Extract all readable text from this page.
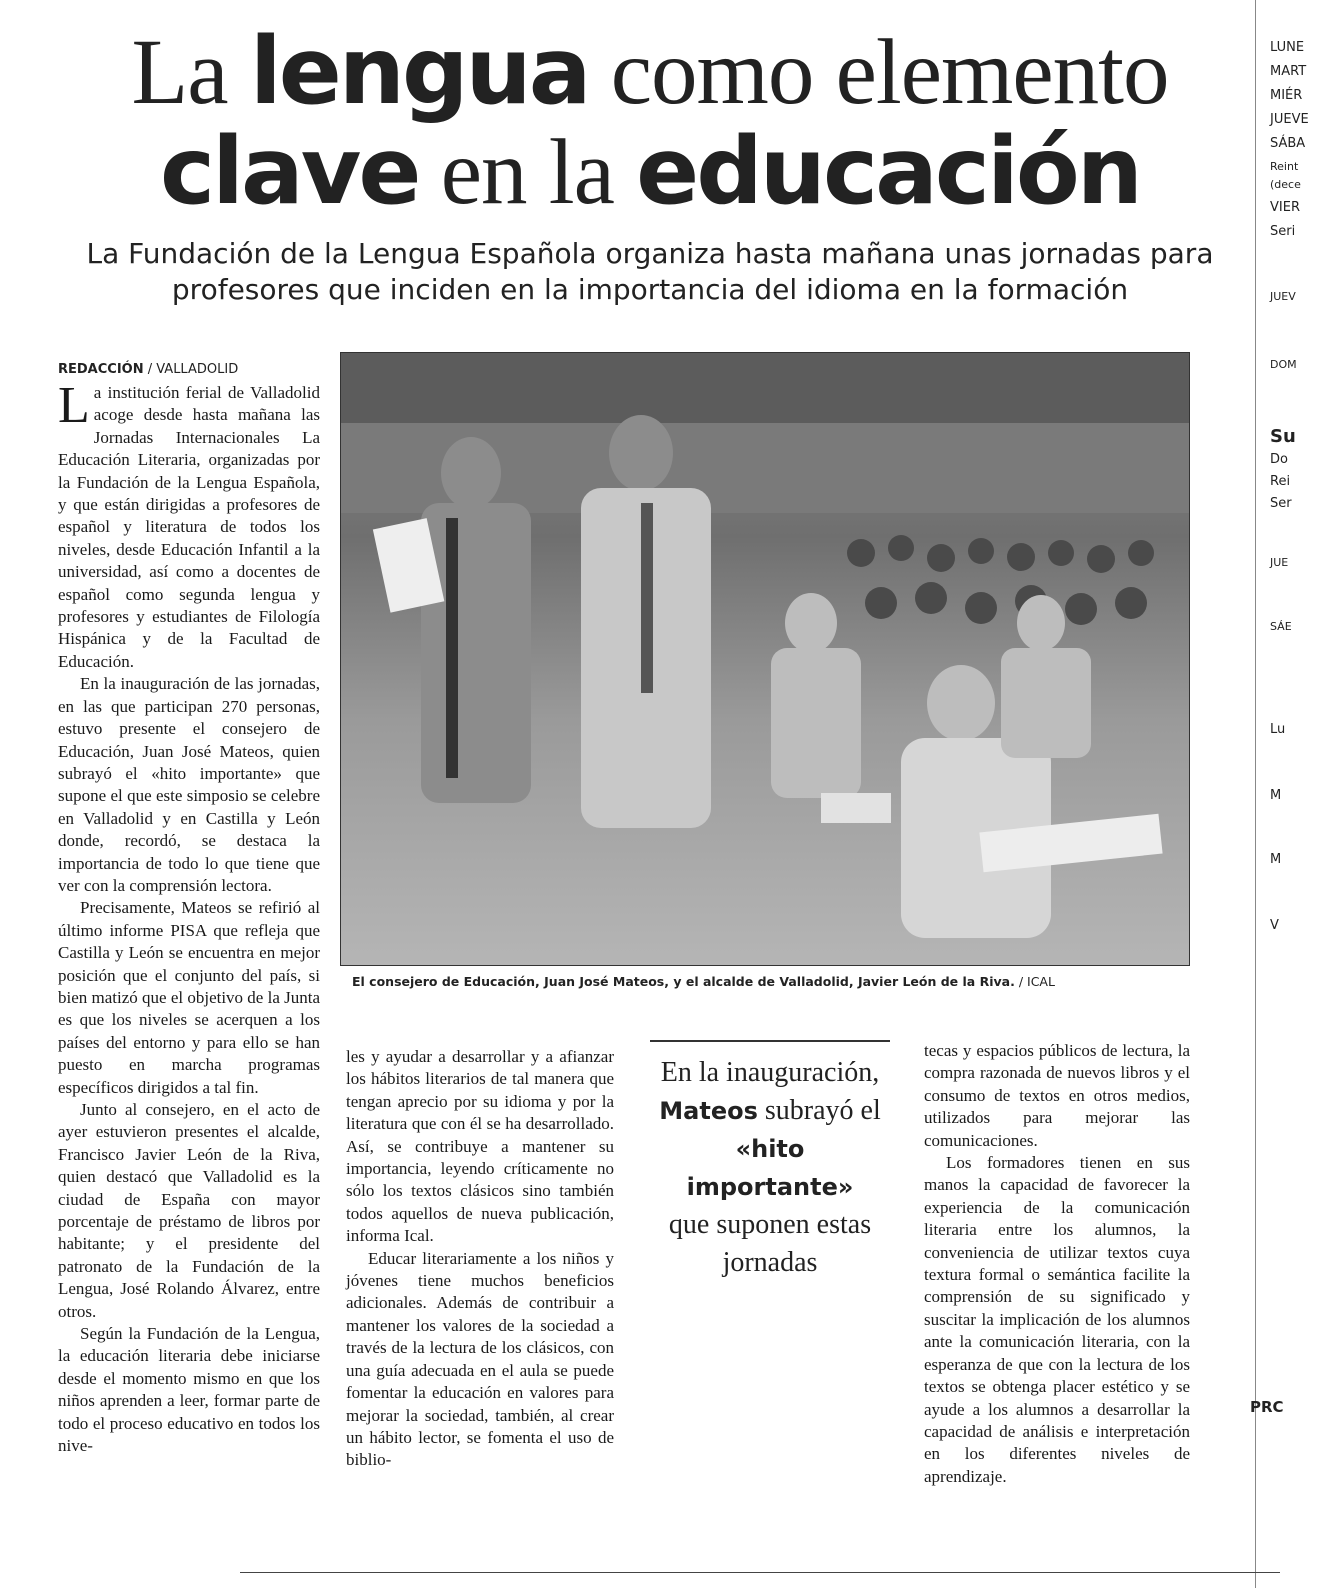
La lengua como elemento
clave en la educación

La Fundación de la Lengua Española organiza hasta mañana unas jornadas para profesores que inciden en la importancia del idioma en la formación

REDACCIÓN / VALLADOLID

La institución ferial de Valladolid acoge desde hasta mañana las Jornadas Internacionales La Educación Literaria, organizadas por la Fundación de la Lengua Española, y que están dirigidas a profesores de español y literatura de todos los niveles, desde Educación Infantil a la universidad, así como a docentes de español como segunda lengua y profesores y estudiantes de Filología Hispánica y de la Facultad de Educación.

En la inauguración de las jornadas, en las que participan 270 personas, estuvo presente el consejero de Educación, Juan José Mateos, quien subrayó el «hito importante» que supone el que este simposio se celebre en Valladolid y en Castilla y León donde, recordó, se destaca la importancia de todo lo que tiene que ver con la comprensión lectora.

Precisamente, Mateos se refirió al último informe PISA que refleja que Castilla y León se encuentra en mejor posición que el conjunto del país, si bien matizó que el objetivo de la Junta es que los niveles se acerquen a los países del entorno y para ello se han puesto en marcha programas específicos dirigidos a tal fin.

Junto al consejero, en el acto de ayer estuvieron presentes el alcalde, Francisco Javier León de la Riva, quien destacó que Valladolid es la ciudad de España con mayor porcentaje de préstamo de libros por habitante; y el presidente del patronato de la Fundación de la Lengua, José Rolando Álvarez, entre otros.

Según la Fundación de la Lengua, la educación literaria debe iniciarse desde el momento mismo en que los niños aprenden a leer, formar parte de todo el proceso educativo en todos los nive-

El consejero de Educación, Juan José Mateos, y el alcalde de Valladolid, Javier León de la Riva. / ICAL

les y ayudar a desarrollar y a afianzar los hábitos literarios de tal manera que tengan aprecio por su idioma y por la literatura que con él se ha desarrollado. Así, se contribuye a mantener su importancia, leyendo críticamente no sólo los textos clásicos sino también todos aquellos de nueva publicación, informa Ical.

Educar literariamente a los niños y jóvenes tiene muchos beneficios adicionales. Además de contribuir a mantener los valores de la sociedad a través de la lectura de los clásicos, con una guía adecuada en el aula se puede fomentar la educación en valores para mejorar la sociedad, también, al crear un hábito lector, se fomenta el uso de biblio-

En la inauguración,
Mateos subrayó el
«hito importante»
que suponen estas jornadas

tecas y espacios públicos de lectura, la compra razonada de nuevos libros y el consumo de textos en otros medios, utilizados para mejorar las comunicaciones.

Los formadores tienen en sus manos la capacidad de favorecer la experiencia de la comunicación literaria entre los alumnos, la conveniencia de utilizar textos cuya textura formal o semántica facilite la comprensión de su significado y suscitar la implicación de los alumnos ante la comunicación literaria, con la esperanza de que con la lectura de los textos se obtenga placer estético y se ayude a los alumnos a desarrollar la capacidad de análisis e interpretación en los diferentes niveles de aprendizaje.

LUNE
MART
MIÉR
JUEVE
SÁBA
Reint
(dece
VIER
Seri
JUEV
DOM
Su
Do
Rei
Ser
JUE
SÁE
Lu
M
M
V
PRC
